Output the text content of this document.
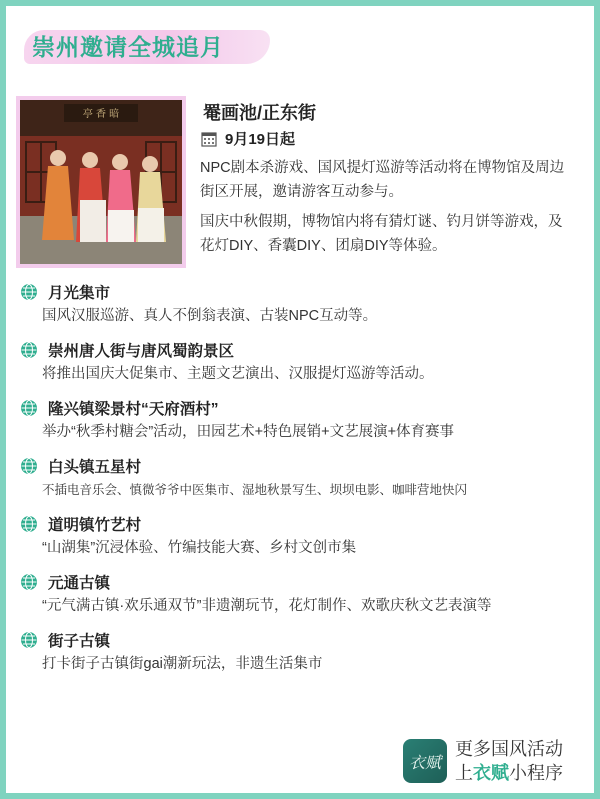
崇州邀请全城追月
亭 香 暗	罨画池/正东街
9月19日起

NPC剧本杀游戏、国风提灯巡游等活动将在博物馆及周边街区开展，邀请游客互动参与。

国庆中秋假期，博物馆内将有猜灯谜、钓月饼等游戏，及花灯DIY、香囊DIY、团扇DIY等体验。

月光集市
国风汉服巡游、真人不倒翁表演、古装NPC互动等。
崇州唐人街与唐风蜀韵景区
将推出国庆大促集市、主题文艺演出、汉服提灯巡游等活动。
隆兴镇梁景村“天府酒村”
举办“秋季村糖会”活动，田园艺术+特色展销+文艺展演+体育赛事
白头镇五星村
不插电音乐会、慎微爷爷中医集市、湿地秋景写生、坝坝电影、咖啡营地快闪
道明镇竹艺村
“山湖集”沉浸体验、竹编技能大赛、乡村文创市集
元通古镇
“元气满古镇·欢乐通双节”非遗潮玩节，花灯制作、欢歌庆秋文艺表演等
街子古镇
打卡街子古镇街gai潮新玩法，非遗生活集市
衣赋
更多国风活动
上衣赋小程序
